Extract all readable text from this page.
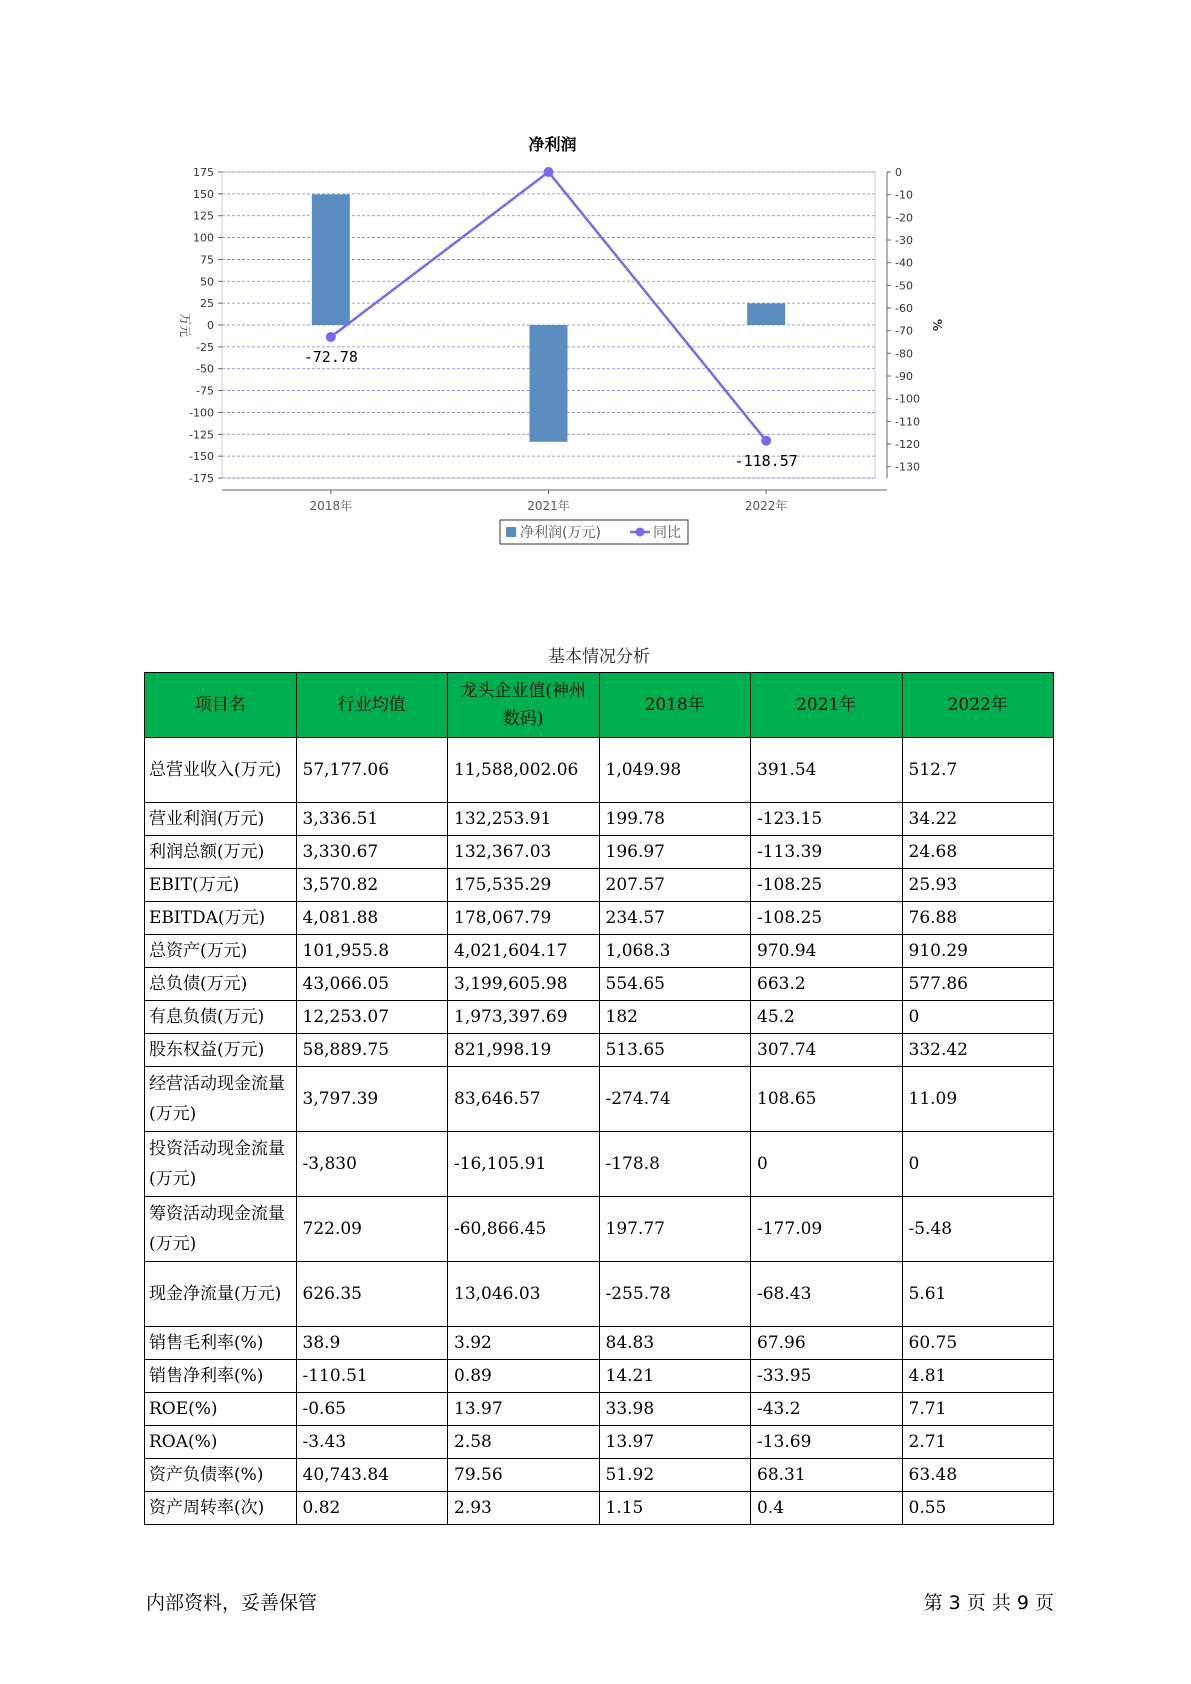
净利润
175
150
125
100
75
50
25
0
-25
-50
-75
-100
-125
-150
-175
0
-10
-20
-30
-40
-50
-60
-70
-80
-90
-100
-110
-120
-130
2018年	2021年	2022年
万元	%
-72.78
-118.57
净利润(万元)	同比
基本情况分析
项目名	行业均值	龙头企业值(神州数码)	2018年	2021年	2022年
总营业收入(万元)	57,177.06	11,588,002.06	1,049.98	391.54	512.7
营业利润(万元)	3,336.51	132,253.91	199.78	-123.15	34.22
利润总额(万元)	3,330.67	132,367.03	196.97	-113.39	24.68
EBIT(万元)	3,570.82	175,535.29	207.57	-108.25	25.93
EBITDA(万元)	4,081.88	178,067.79	234.57	-108.25	76.88
总资产(万元)	101,955.8	4,021,604.17	1,068.3	970.94	910.29
总负债(万元)	43,066.05	3,199,605.98	554.65	663.2	577.86
有息负债(万元)	12,253.07	1,973,397.69	182	45.2	0
股东权益(万元)	58,889.75	821,998.19	513.65	307.74	332.42
经营活动现金流量(万元)	3,797.39	83,646.57	-274.74	108.65	11.09
投资活动现金流量(万元)	-3,830	-16,105.91	-178.8	0	0
筹资活动现金流量(万元)	722.09	-60,866.45	197.77	-177.09	-5.48
现金净流量(万元)	626.35	13,046.03	-255.78	-68.43	5.61
销售毛利率(%)	38.9	3.92	84.83	67.96	60.75
销售净利率(%)	-110.51	0.89	14.21	-33.95	4.81
ROE(%)	-0.65	13.97	33.98	-43.2	7.71
ROA(%)	-3.43	2.58	13.97	-13.69	2.71
资产负债率(%)	40,743.84	79.56	51.92	68.31	63.48
资产周转率(次)	0.82	2.93	1.15	0.4	0.55
内部资料，妥善保管	第 3 页 共 9 页
